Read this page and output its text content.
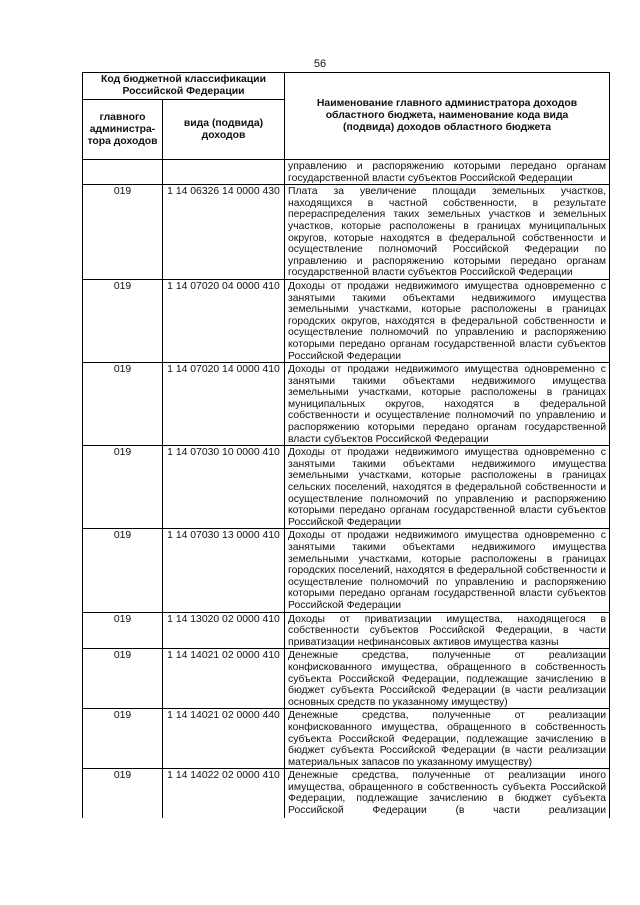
56
Код бюджетной классификации Российской Федерации		Наименование главного администратора доходов областного бюджета, наименование кода вида (подвида) доходов областного бюджета
главного администра-тора доходов	вида (подвида) доходов	
		управлению и распоряжению которыми передано органам государственной власти субъектов Российской Федерации
019	1 14 06326 14 0000 430	Плата за увеличение площади земельных участков, находящихся в частной собственности, в результате перераспределения таких земельных участков и земельных участков, которые расположены в границах муниципальных округов, которые находятся в федеральной собственности и осуществление полномочий Российской Федерации по управлению и распоряжению которыми передано органам государственной власти субъектов Российской Федерации
019	1 14 07020 04 0000 410	Доходы от продажи недвижимого имущества одновременно с занятыми такими объектами недвижимого имущества земельными участками, которые расположены в границах городских округов, находятся в федеральной собственности и осуществление полномочий по управлению и распоряжению которыми передано органам государственной власти субъектов Российской Федерации
019	1 14 07020 14 0000 410	Доходы от продажи недвижимого имущества одновременно с занятыми такими объектами недвижимого имущества земельными участками, которые расположены в границах муниципальных округов, находятся в федеральной собственности и осуществление полномочий по управлению и распоряжению которыми передано органам государственной власти субъектов Российской Федерации
019	1 14 07030 10 0000 410	Доходы от продажи недвижимого имущества одновременно с занятыми такими объектами недвижимого имущества земельными участками, которые расположены в границах сельских поселений, находятся в федеральной собственности и осуществление полномочий по управлению и распоряжению которыми передано органам государственной власти субъектов Российской Федерации
019	1 14 07030 13 0000 410	Доходы от продажи недвижимого имущества одновременно с занятыми такими объектами недвижимого имущества земельными участками, которые расположены в границах городских поселений, находятся в федеральной собственности и осуществление полномочий по управлению и распоряжению которыми передано органам государственной власти субъектов Российской Федерации
019	1 14 13020 02 0000 410	Доходы от приватизации имущества, находящегося в собственности субъектов Российской Федерации, в части приватизации нефинансовых активов имущества казны
019	1 14 14021 02 0000 410	Денежные средства, полученные от реализации конфискованного имущества, обращенного в собственность субъекта Российской Федерации, подлежащие зачислению в бюджет субъекта Российской Федерации (в части реализации основных средств по указанному имуществу)
019	1 14 14021 02 0000 440	Денежные средства, полученные от реализации конфискованного имущества, обращенного в собственность субъекта Российской Федерации, подлежащие зачислению в бюджет субъекта Российской Федерации (в части реализации материальных запасов по указанному имуществу)
019	1 14 14022 02 0000 410	Денежные средства, полученные от реализации иного имущества, обращенного в собственность субъекта Российской Федерации, подлежащие зачислению в бюджет субъекта Российской Федерации (в части реализации
